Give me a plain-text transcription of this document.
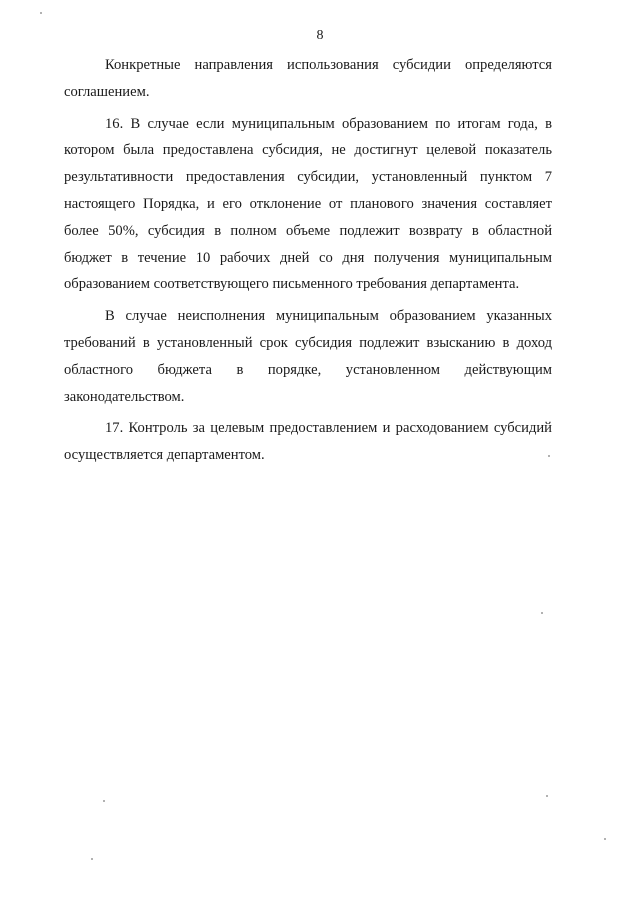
8

Конкретные направления использования субсидии определяются соглашением.

16. В случае если муниципальным образованием по итогам года, в котором была предоставлена субсидия, не достигнут целевой показатель результативности предоставления субсидии, установленный пунктом 7 настоящего Порядка, и его отклонение от планового значения составляет более 50%, субсидия в полном объеме подлежит возврату в областной бюджет в течение 10 рабочих дней со дня получения муниципальным образованием соответствующего письменного требования департамента.

В случае неисполнения муниципальным образованием указанных требований в установленный срок субсидия подлежит взысканию в доход областного бюджета в порядке, установленном действующим законодательством.

17. Контроль за целевым предоставлением и расходованием субсидий осуществляется департаментом.
